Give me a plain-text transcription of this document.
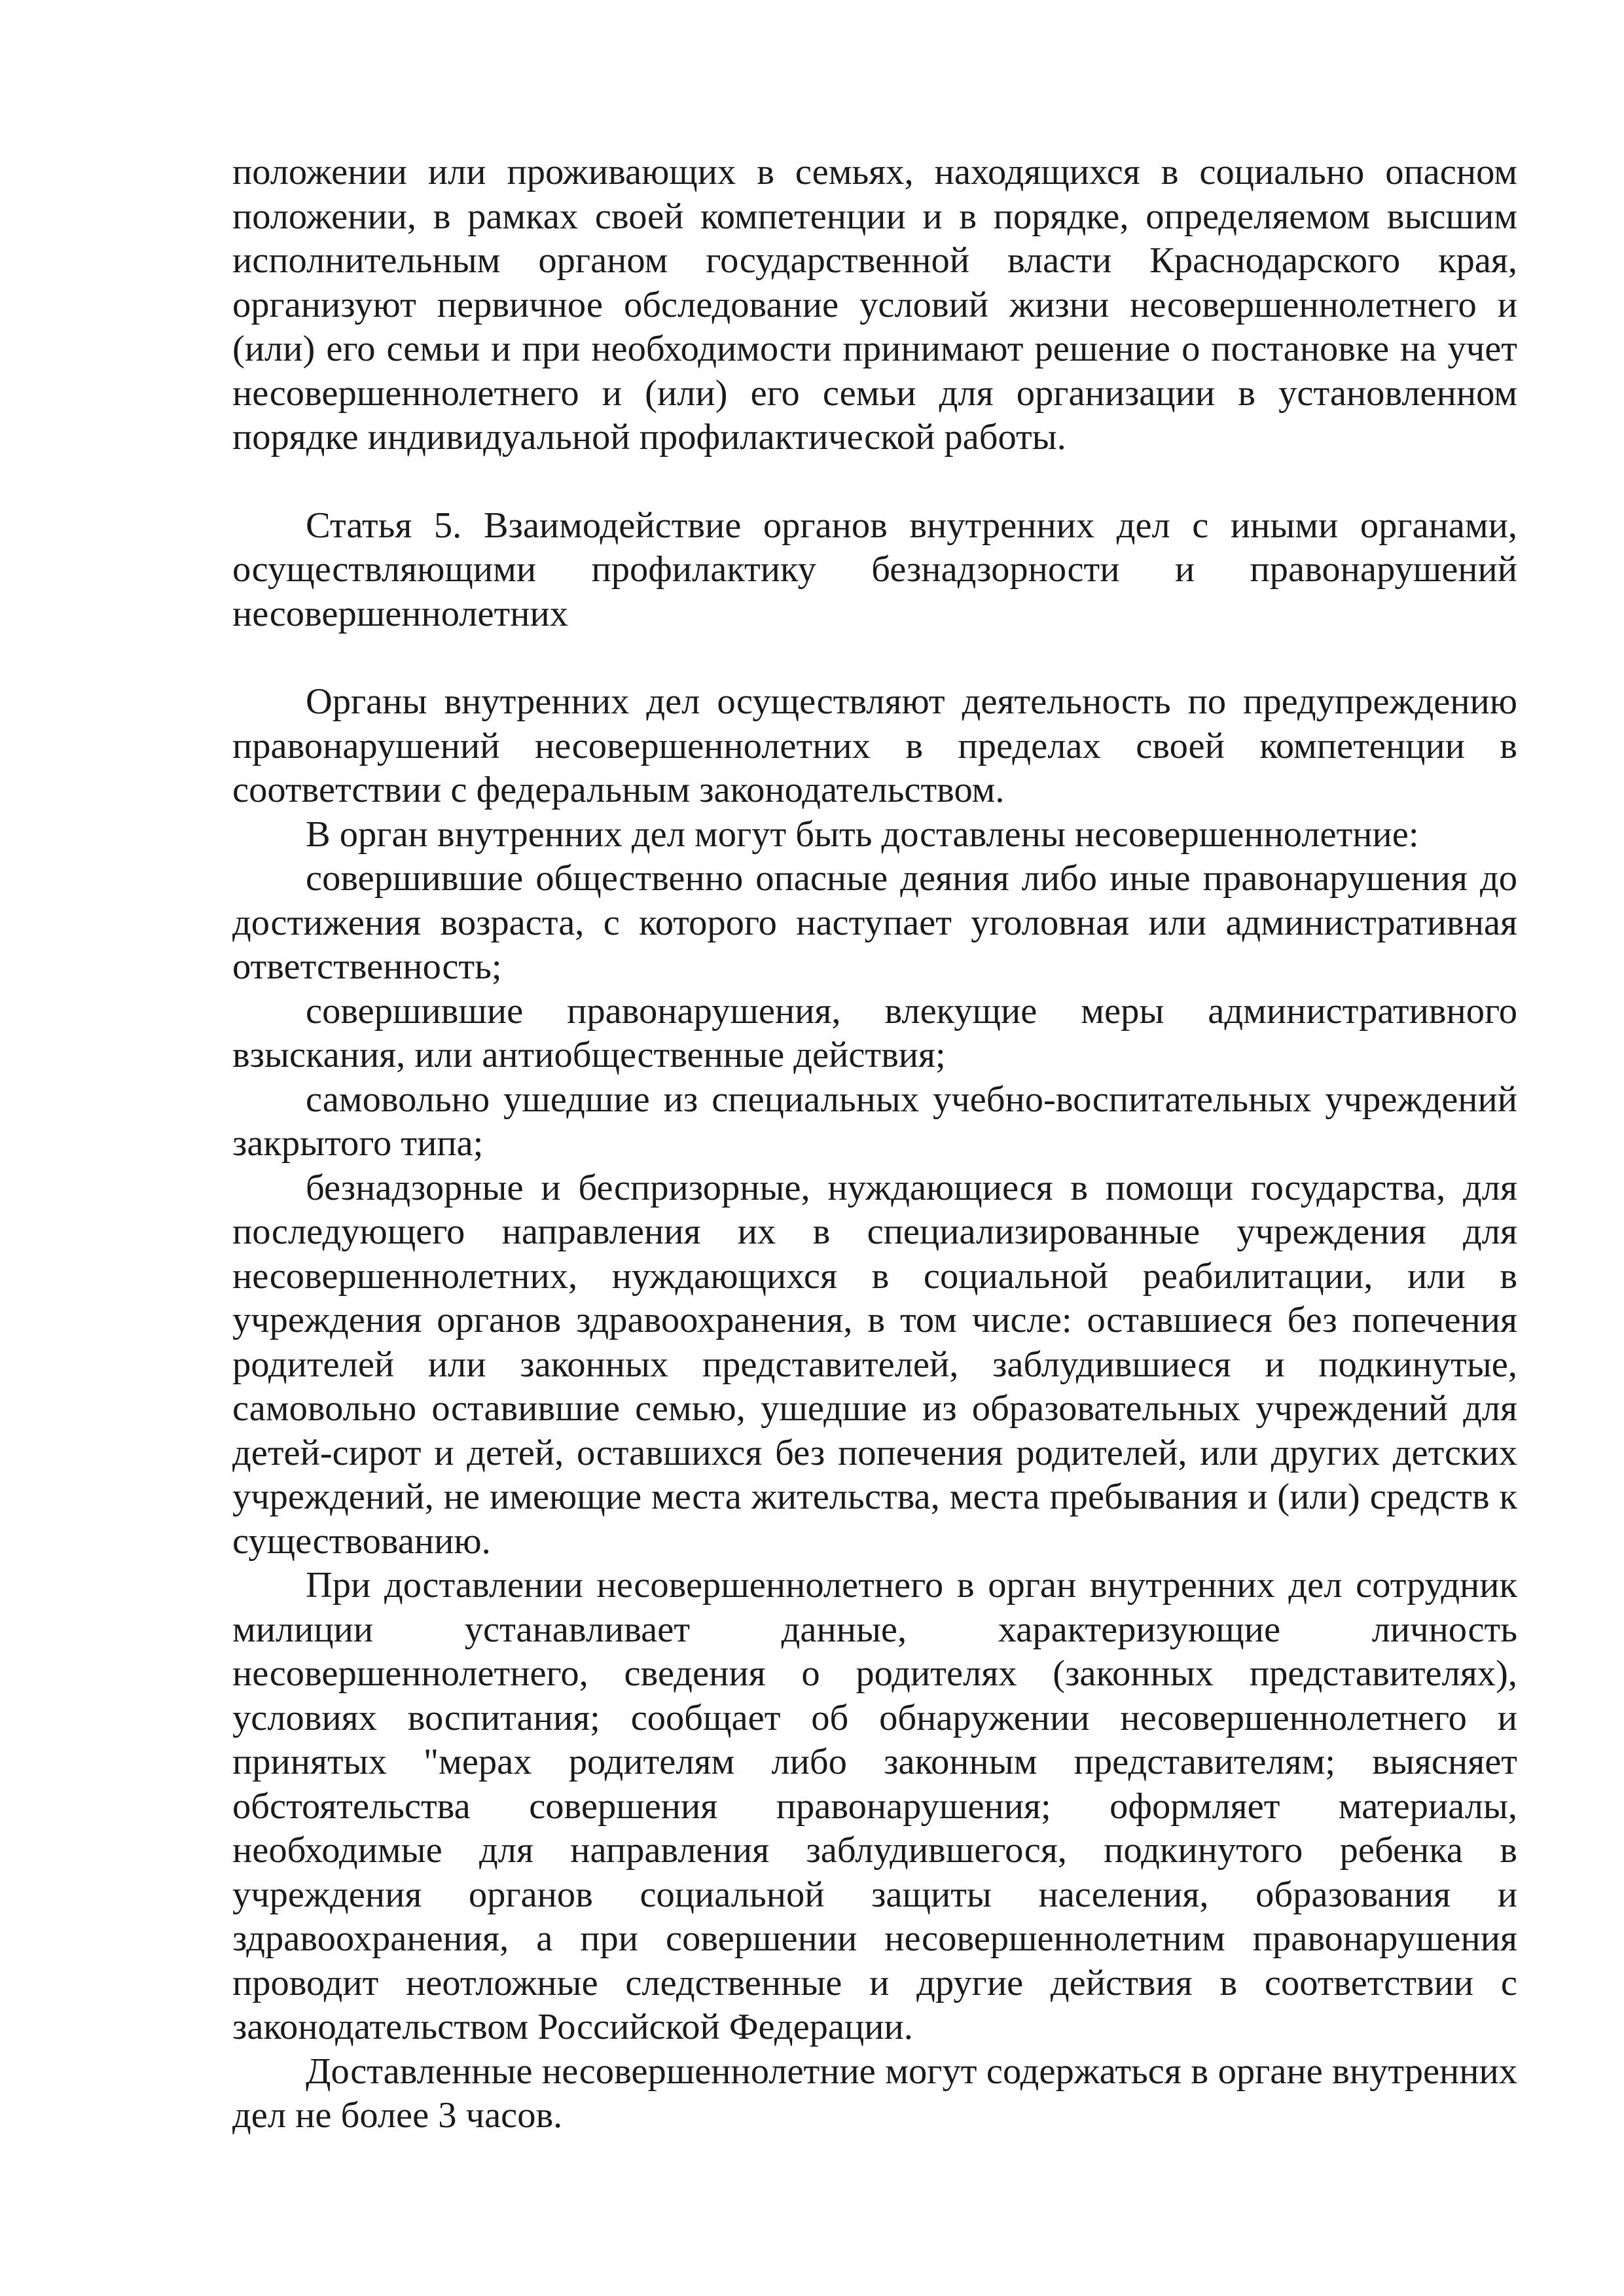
положении или проживающих в семьях, находящихся в социально опасном положении, в рамках своей компетенции и в порядке, определяемом высшим исполнительным органом государственной власти Краснодарского края, организуют первичное обследование условий жизни несовершеннолетнего и (или) его семьи и при необходимости принимают решение о постановке на учет несовершеннолетнего и (или) его семьи для организации в установленном порядке индивидуальной профилактической работы.

Статья 5. Взаимодействие органов внутренних дел с иными органами, осуществляющими профилактику безнадзорности и правонарушений несовершеннолетних

Органы внутренних дел осуществляют деятельность по предупреждению правонарушений несовершеннолетних в пределах своей компетенции в соответствии с федеральным законодательством.

В орган внутренних дел могут быть доставлены несовершеннолетние:

совершившие общественно опасные деяния либо иные правонарушения до достижения возраста, с которого наступает уголовная или административная ответственность;

совершившие правонарушения, влекущие меры административного взыскания, или антиобщественные действия;

самовольно ушедшие из специальных учебно-воспитательных учреждений закрытого типа;

безнадзорные и беспризорные, нуждающиеся в помощи государства, для последующего направления их в специализированные учреждения для несовершеннолетних, нуждающихся в социальной реабилитации, или в учреждения органов здравоохранения, в том числе: оставшиеся без попечения родителей или законных представителей, заблудившиеся и подкинутые, самовольно оставившие семью, ушедшие из образовательных учреждений для детей-сирот и детей, оставшихся без попечения родителей, или других детских учреждений, не имеющие места жительства, места пребывания и (или) средств к существованию.

При доставлении несовершеннолетнего в орган внутренних дел сотрудник милиции устанавливает данные, характеризующие личность несовершеннолетнего, сведения о родителях (законных представителях), условиях воспитания; сообщает об обнаружении несовершеннолетнего и принятых "мерах родителям либо законным представителям; выясняет обстоятельства совершения правонарушения; оформляет материалы, необходимые для направления заблудившегося, подкинутого ребенка в учреждения органов социальной защиты населения, образования и здравоохранения, а при совершении несовершеннолетним правонарушения проводит неотложные следственные и другие действия в соответствии с законодательством Российской Федерации.

Доставленные несовершеннолетние могут содержаться в органе внутренних дел не более 3 часов.
